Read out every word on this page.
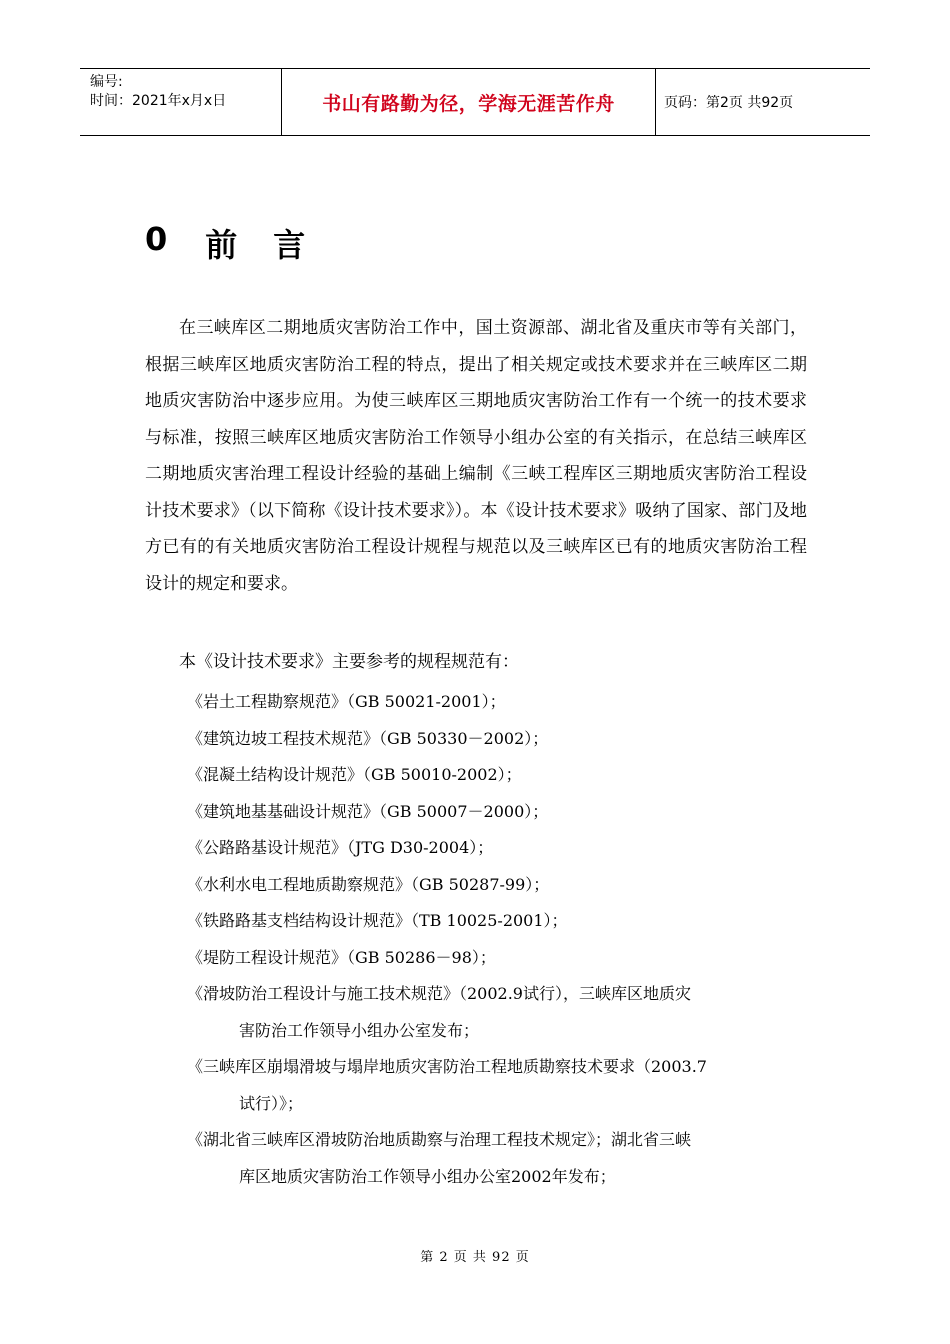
编号:
时间：2021年x月x日	书山有路勤为径，学海无涯苦作舟	页码：第2页 共92页
0 前言

在三峡库区二期地质灾害防治工作中，国土资源部、湖北省及重庆市等有关部门，根据三峡库区地质灾害防治工程的特点，提出了相关规定或技术要求并在三峡库区二期地质灾害防治中逐步应用。为使三峡库区三期地质灾害防治工作有一个统一的技术要求与标准，按照三峡库区地质灾害防治工作领导小组办公室的有关指示，在总结三峡库区二期地质灾害治理工程设计经验的基础上编制《三峡工程库区三期地质灾害防治工程设计技术要求》（以下简称《设计技术要求》）。本《设计技术要求》吸纳了国家、部门及地方已有的有关地质灾害防治工程设计规程与规范以及三峡库区已有的地质灾害防治工程设计的规定和要求。

本《设计技术要求》主要参考的规程规范有：

《岩土工程勘察规范》（GB 50021-2001）；
《建筑边坡工程技术规范》（GB 50330－2002）；
《混凝土结构设计规范》（GB 50010-2002）；
《建筑地基基础设计规范》（GB 50007－2000）；
《公路路基设计规范》（JTG D30-2004）；
《水利水电工程地质勘察规范》（GB 50287-99）；
《铁路路基支档结构设计规范》（TB 10025-2001）；
《堤防工程设计规范》（GB 50286－98）；
《滑坡防治工程设计与施工技术规范》（2002.9试行），三峡库区地质灾
害防治工作领导小组办公室发布；
《三峡库区崩塌滑坡与塌岸地质灾害防治工程地质勘察技术要求（2003.7
试行）》；
《湖北省三峡库区滑坡防治地质勘察与治理工程技术规定》；湖北省三峡
库区地质灾害防治工作领导小组办公室2002年发布；
第 2 页 共 92 页
